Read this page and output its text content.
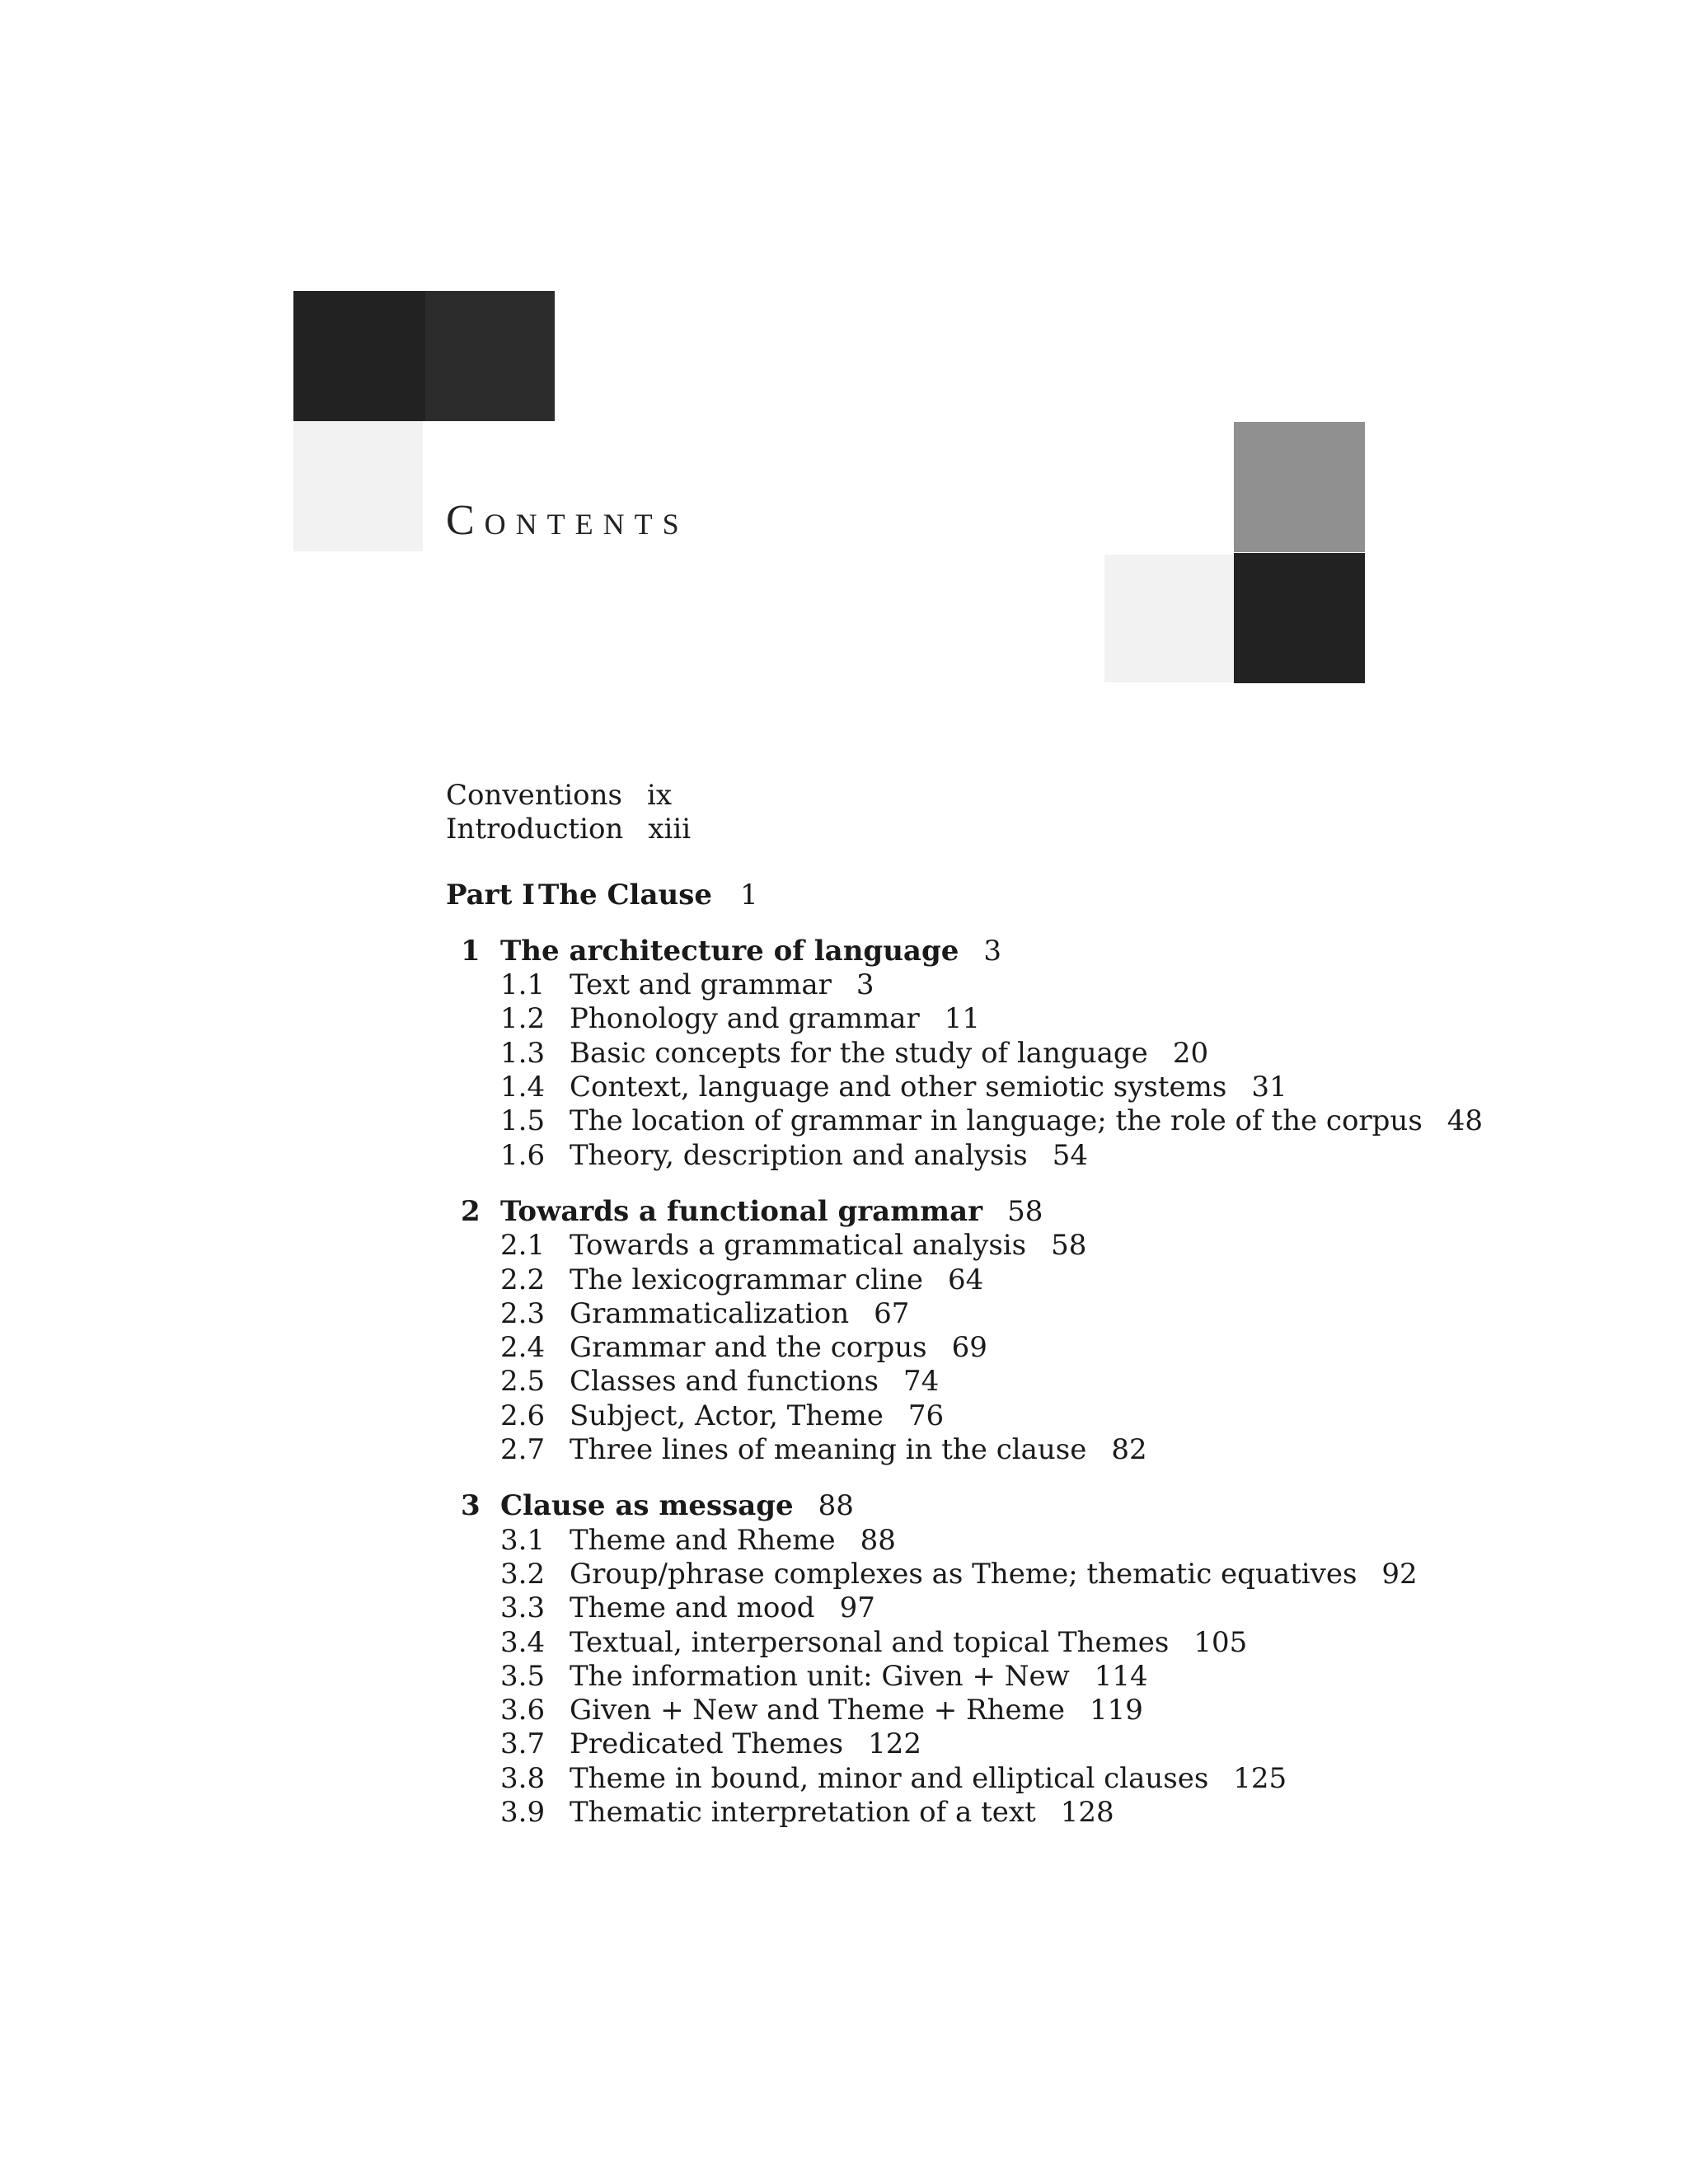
Contents
Conventions ix
Introduction xiii
Part I The Clause 1
1 The architecture of language 3
1.1 Text and grammar 3
1.2 Phonology and grammar 11
1.3 Basic concepts for the study of language 20
1.4 Context, language and other semiotic systems 31
1.5 The location of grammar in language; the role of the corpus 48
1.6 Theory, description and analysis 54
2 Towards a functional grammar 58
2.1 Towards a grammatical analysis 58
2.2 The lexicogrammar cline 64
2.3 Grammaticalization 67
2.4 Grammar and the corpus 69
2.5 Classes and functions 74
2.6 Subject, Actor, Theme 76
2.7 Three lines of meaning in the clause 82
3 Clause as message 88
3.1 Theme and Rheme 88
3.2 Group/phrase complexes as Theme; thematic equatives 92
3.3 Theme and mood 97
3.4 Textual, interpersonal and topical Themes 105
3.5 The information unit: Given + New 114
3.6 Given + New and Theme + Rheme 119
3.7 Predicated Themes 122
3.8 Theme in bound, minor and elliptical clauses 125
3.9 Thematic interpretation of a text 128
